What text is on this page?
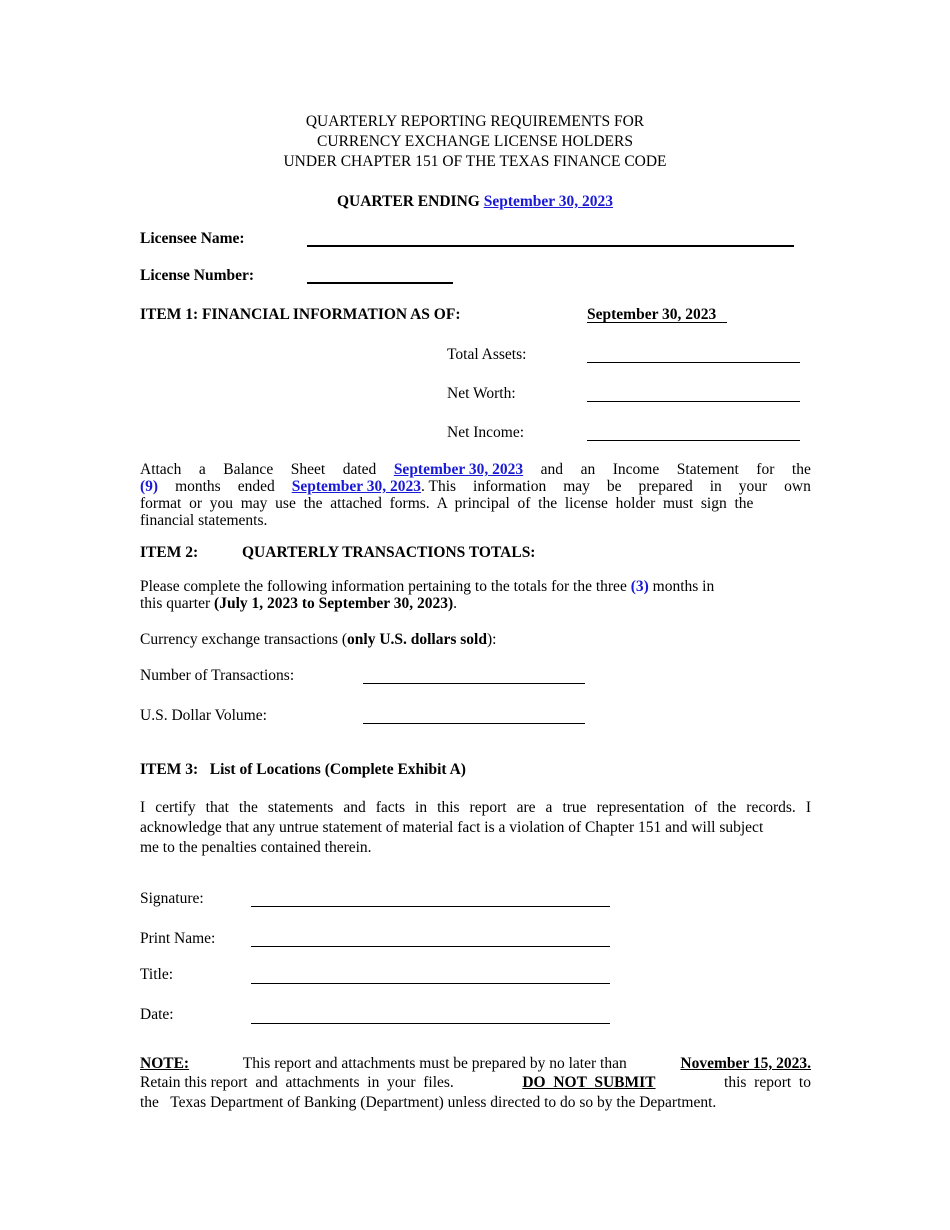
QUARTERLY REPORTING REQUIREMENTS FOR
CURRENCY EXCHANGE LICENSE HOLDERS
UNDER CHAPTER 151 OF THE TEXAS FINANCE CODE
QUARTER ENDING September 30, 2023
Licensee Name:
License Number:
ITEM 1: FINANCIAL INFORMATION AS OF:	September 30, 2023
Total Assets:
Net Worth:
Net Income:
Attach a Balance Sheet dated September 30, 2023 and an Income Statement for the
(9) months ended September 30, 2023. This information may be prepared in your own
format  or  you  may  use  the  attached  forms.  A  principal  of  the  license  holder  must  sign  the
financial statements.
ITEM 2:	QUARTERLY TRANSACTIONS TOTALS:
Please complete the following information pertaining to the totals for the three (3) months in
this quarter (July 1, 2023 to September 30, 2023).
Currency exchange transactions (only U.S. dollars sold):
Number of Transactions:
U.S. Dollar Volume:
ITEM 3:   List of Locations (Complete Exhibit A)
I certify that the statements and facts in this report are a true representation of the records. I
acknowledge that any untrue statement of material fact is a violation of Chapter 151 and will subject
me to the penalties contained therein.
Signature:
Print Name:
Title:
Date:
NOTE:	This report and attachments must be prepared by no later than	November 15, 2023.
Retain this report  and  attachments  in  your  files.	DO  NOT  SUBMIT	this  report  to
the   Texas Department of Banking (Department) unless directed to do so by the Department.
